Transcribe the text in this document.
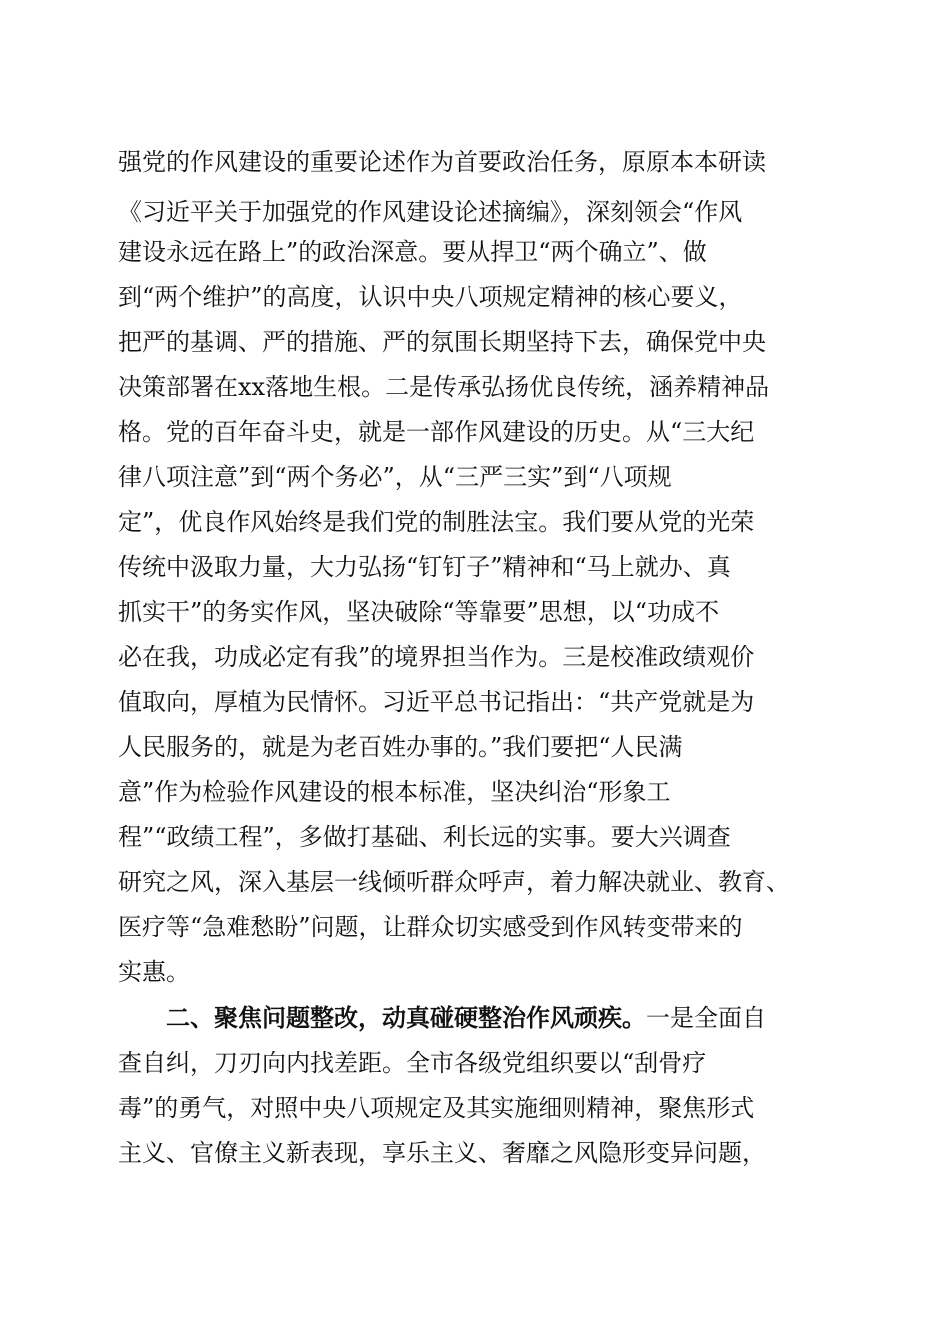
强党的作风建设的重要论述作为首要政治任务，原原本本研读
《习近平关于加强党的作风建设论述摘编》，深刻领会“作风
建设永远在路上”的政治深意。要从捍卫“两个确立”、做
到“两个维护”的高度，认识中央八项规定精神的核心要义，
把严的基调、严的措施、严的氛围长期坚持下去，确保党中央
决策部署在xx落地生根。二是传承弘扬优良传统，涵养精神品
格。党的百年奋斗史，就是一部作风建设的历史。从“三大纪
律八项注意”到“两个务必”，从“三严三实”到“八项规
定”，优良作风始终是我们党的制胜法宝。我们要从党的光荣
传统中汲取力量，大力弘扬“钉钉子”精神和“马上就办、真
抓实干”的务实作风，坚决破除“等靠要”思想，以“功成不
必在我，功成必定有我”的境界担当作为。三是校准政绩观价
值取向，厚植为民情怀。习近平总书记指出：“共产党就是为
人民服务的，就是为老百姓办事的。”我们要把“人民满
意”作为检验作风建设的根本标准，坚决纠治“形象工
程”“政绩工程”，多做打基础、利长远的实事。要大兴调查
研究之风，深入基层一线倾听群众呼声，着力解决就业、教育、
医疗等“急难愁盼”问题，让群众切实感受到作风转变带来的
实惠。
二、聚焦问题整改，动真碰硬整治作风顽疾。一是全面自
查自纠，刀刃向内找差距。全市各级党组织要以“刮骨疗
毒”的勇气，对照中央八项规定及其实施细则精神，聚焦形式
主义、官僚主义新表现，享乐主义、奢靡之风隐形变异问题，
